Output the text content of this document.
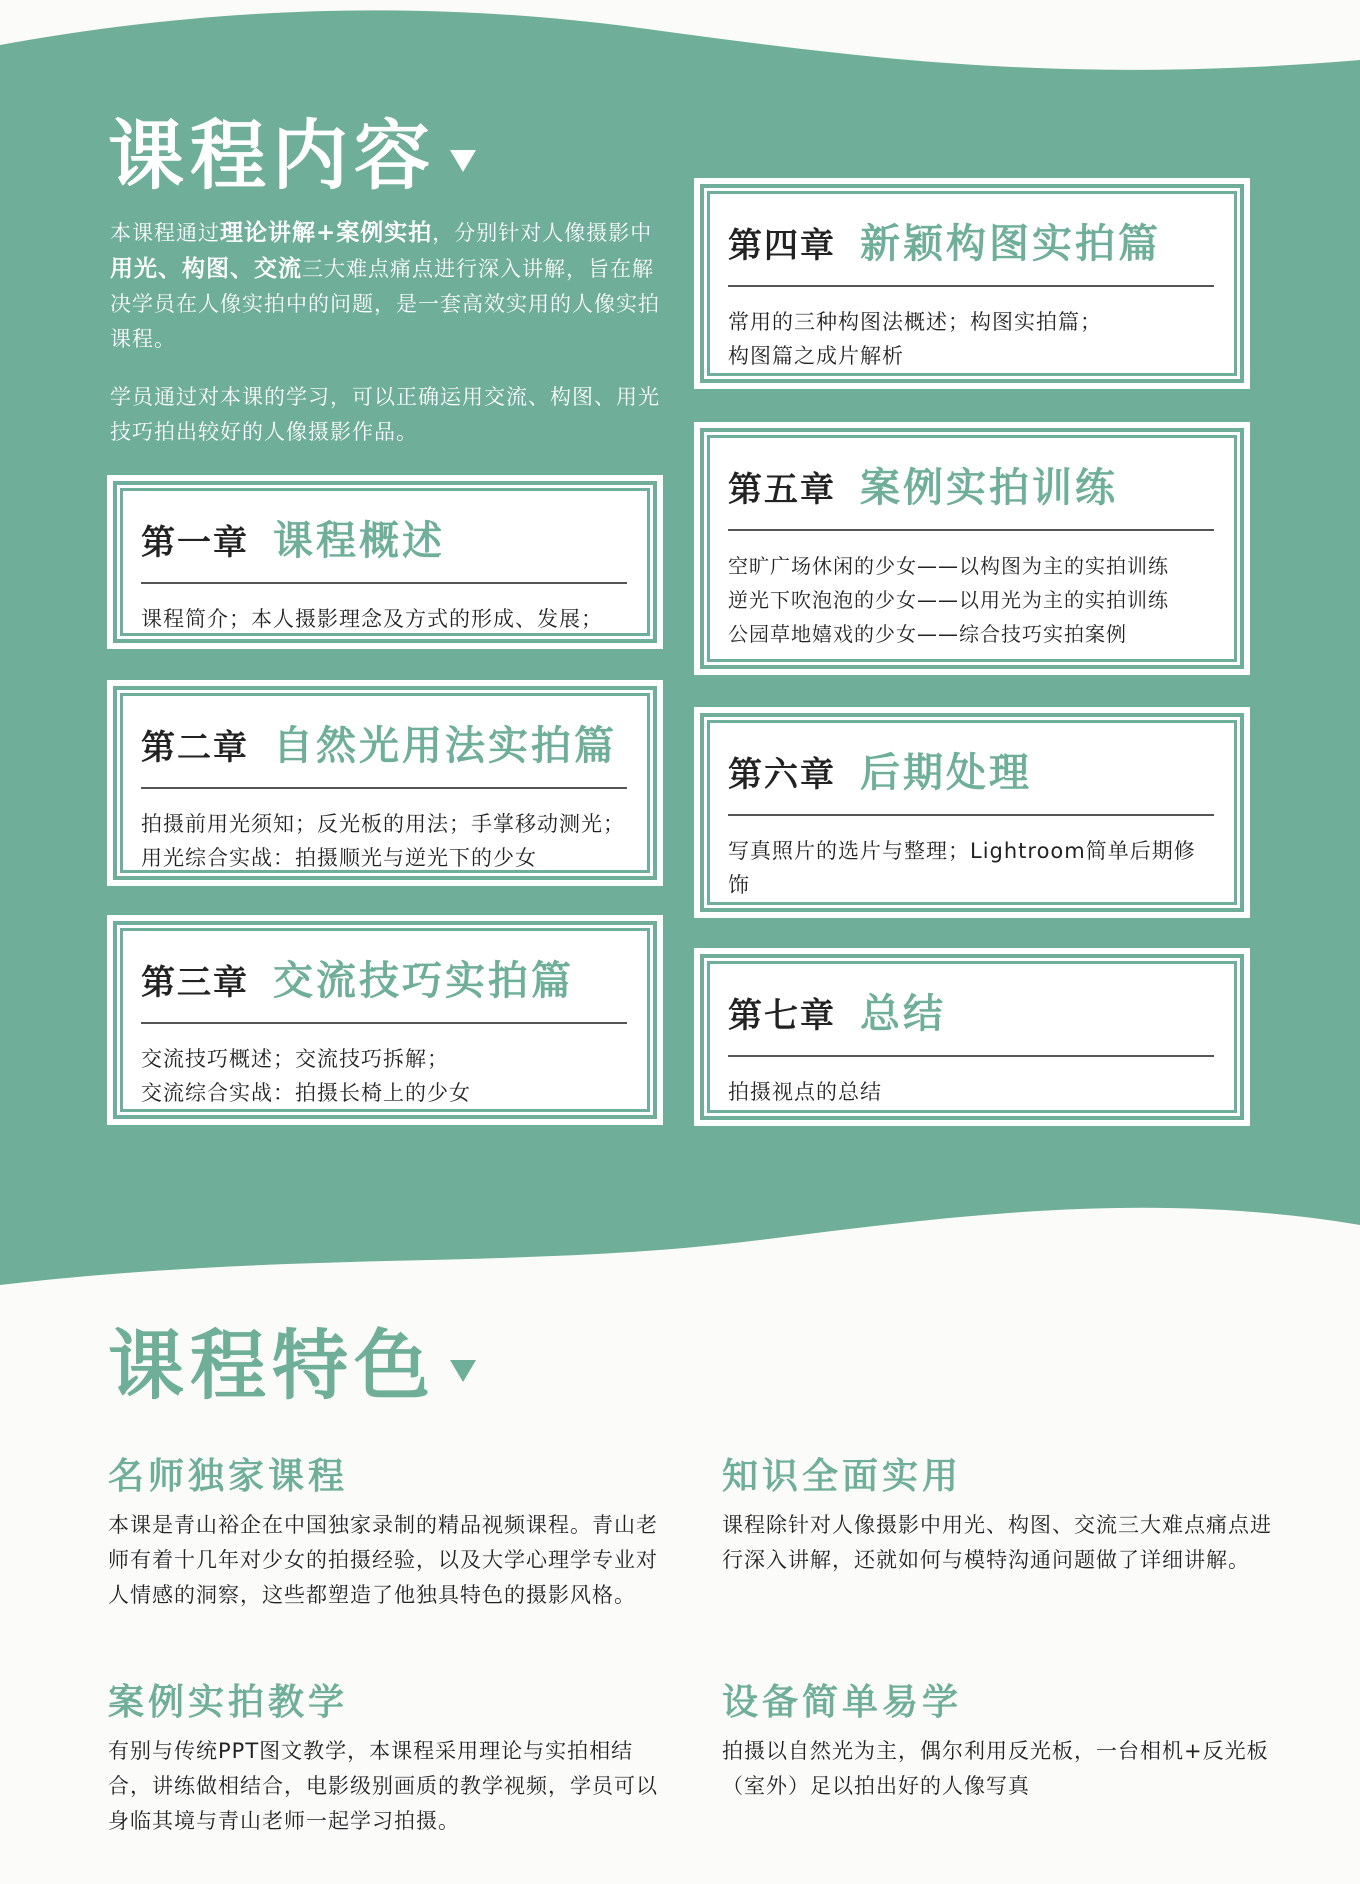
课程内容
本课程通过理论讲解+案例实拍，分别针对人像摄影中用光、构图、交流三大难点痛点进行深入讲解，旨在解决学员在人像实拍中的问题，是一套高效实用的人像实拍课程。
学员通过对本课的学习，可以正确运用交流、构图、用光技巧拍出较好的人像摄影作品。
第一章 课程概述
课程简介；本人摄影理念及方式的形成、发展；
第二章 自然光用法实拍篇
拍摄前用光须知；反光板的用法；手掌移动测光；用光综合实战：拍摄顺光与逆光下的少女
第三章 交流技巧实拍篇
交流技巧概述；交流技巧拆解；
交流综合实战：拍摄长椅上的少女
第四章 新颖构图实拍篇
常用的三种构图法概述；构图实拍篇；
构图篇之成片解析
第五章 案例实拍训练
空旷广场休闲的少女——以构图为主的实拍训练
逆光下吹泡泡的少女——以用光为主的实拍训练
公园草地嬉戏的少女——综合技巧实拍案例
第六章 后期处理
写真照片的选片与整理；Lightroom简单后期修饰
第七章 总结
拍摄视点的总结
课程特色
名师独家课程
本课是青山裕企在中国独家录制的精品视频课程。青山老师有着十几年对少女的拍摄经验，以及大学心理学专业对人情感的洞察，这些都塑造了他独具特色的摄影风格。
知识全面实用
课程除针对人像摄影中用光、构图、交流三大难点痛点进行深入讲解，还就如何与模特沟通问题做了详细讲解。
案例实拍教学
有别与传统PPT图文教学，本课程采用理论与实拍相结合，讲练做相结合，电影级别画质的教学视频，学员可以身临其境与青山老师一起学习拍摄。
设备简单易学
拍摄以自然光为主，偶尔利用反光板，一台相机+反光板（室外）足以拍出好的人像写真
